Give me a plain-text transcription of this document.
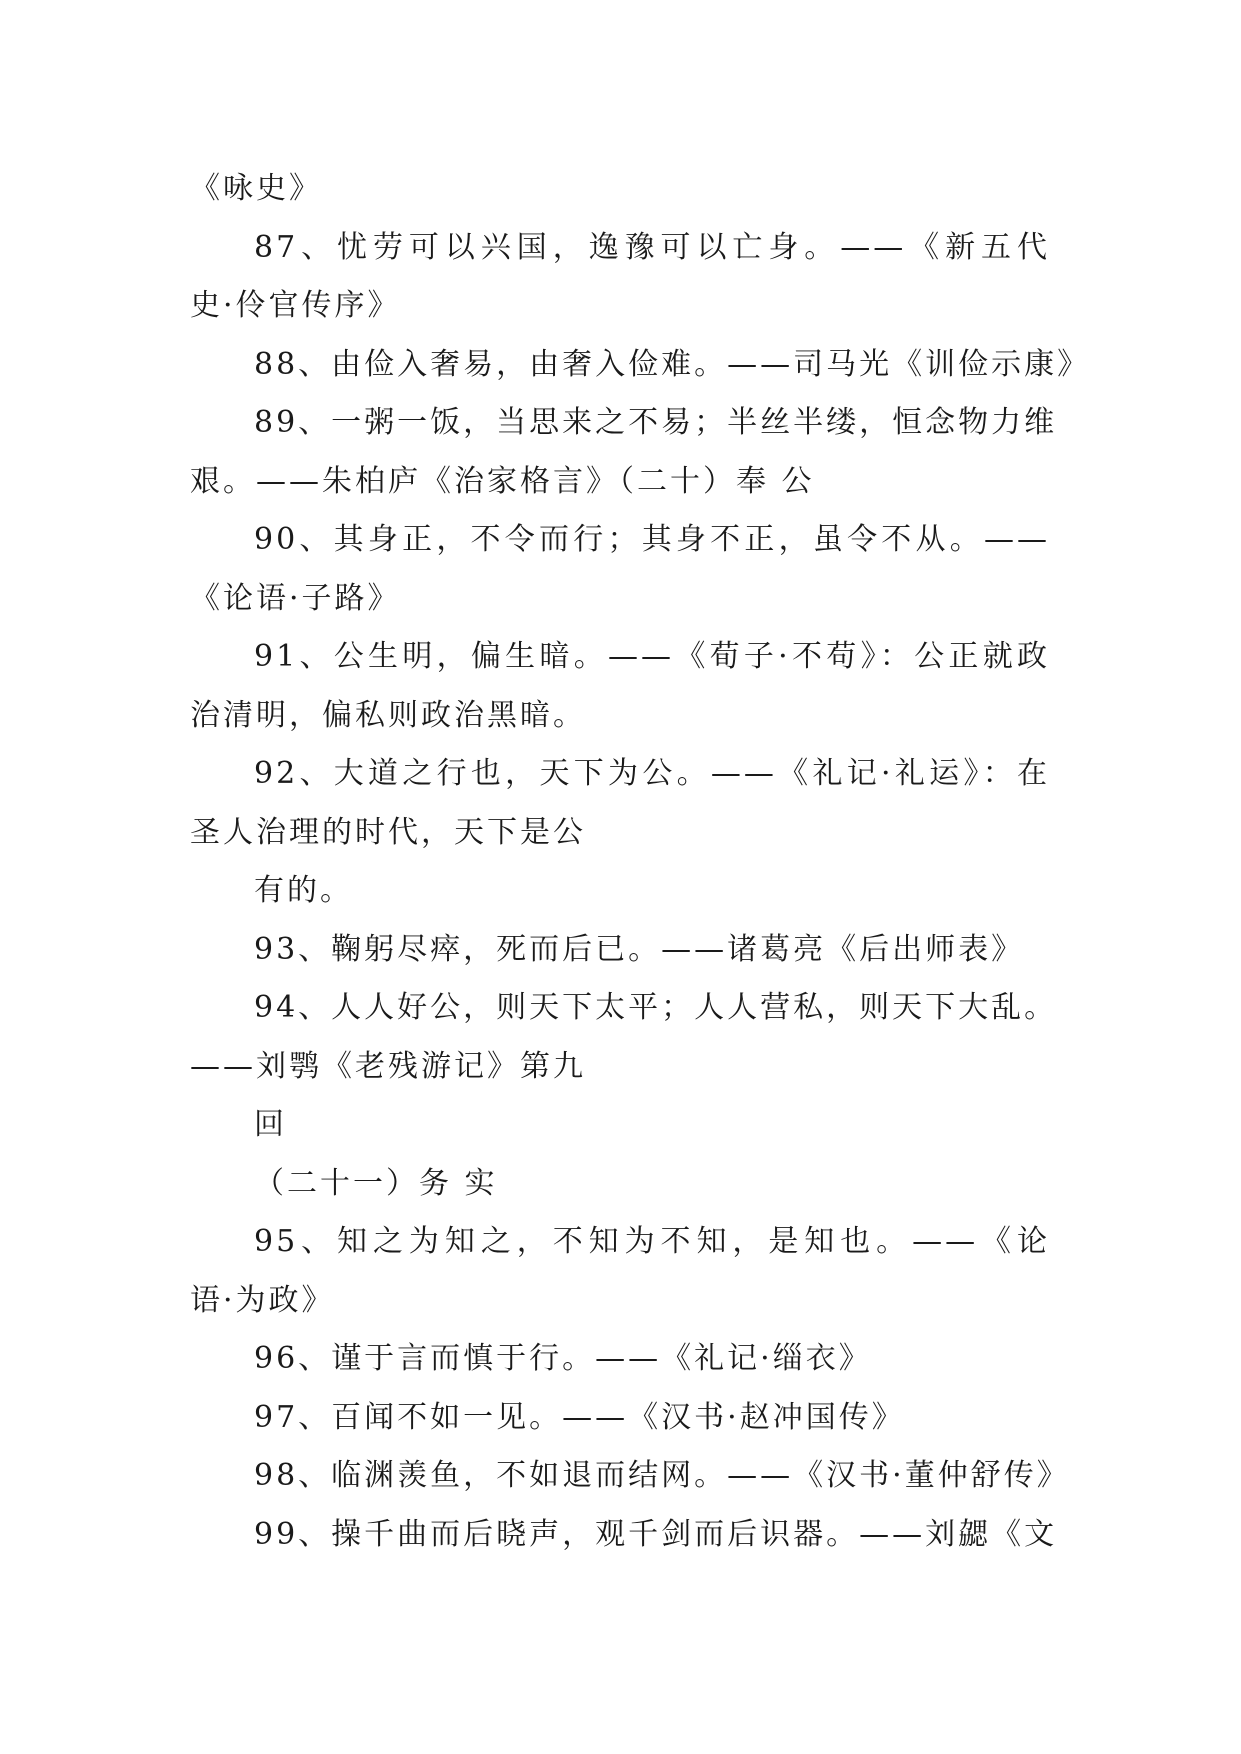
《咏史》
87、忧劳可以兴国，逸豫可以亡身。——《新五代
史·伶官传序》
88、由俭入奢易，由奢入俭难。——司马光《训俭示康》
89、一粥一饭，当思来之不易；半丝半缕，恒念物力维
艰。——朱柏庐《治家格言》（二十）奉 公
90、其身正，不令而行；其身不正，虽令不从。——
《论语·子路》
91、公生明，偏生暗。——《荀子·不苟》：公正就政
治清明，偏私则政治黑暗。
92、大道之行也，天下为公。——《礼记·礼运》：在
圣人治理的时代，天下是公
有的。
93、鞠躬尽瘁，死而后已。——诸葛亮《后出师表》
94、人人好公，则天下太平；人人营私，则天下大乱。
——刘鹗《老残游记》第九
回
（二十一）务 实
95、知之为知之，不知为不知，是知也。——《论
语·为政》
96、谨于言而慎于行。——《礼记·缁衣》
97、百闻不如一见。——《汉书·赵冲国传》
98、临渊羡鱼，不如退而结网。——《汉书·董仲舒传》
99、操千曲而后晓声，观千剑而后识器。——刘勰《文
